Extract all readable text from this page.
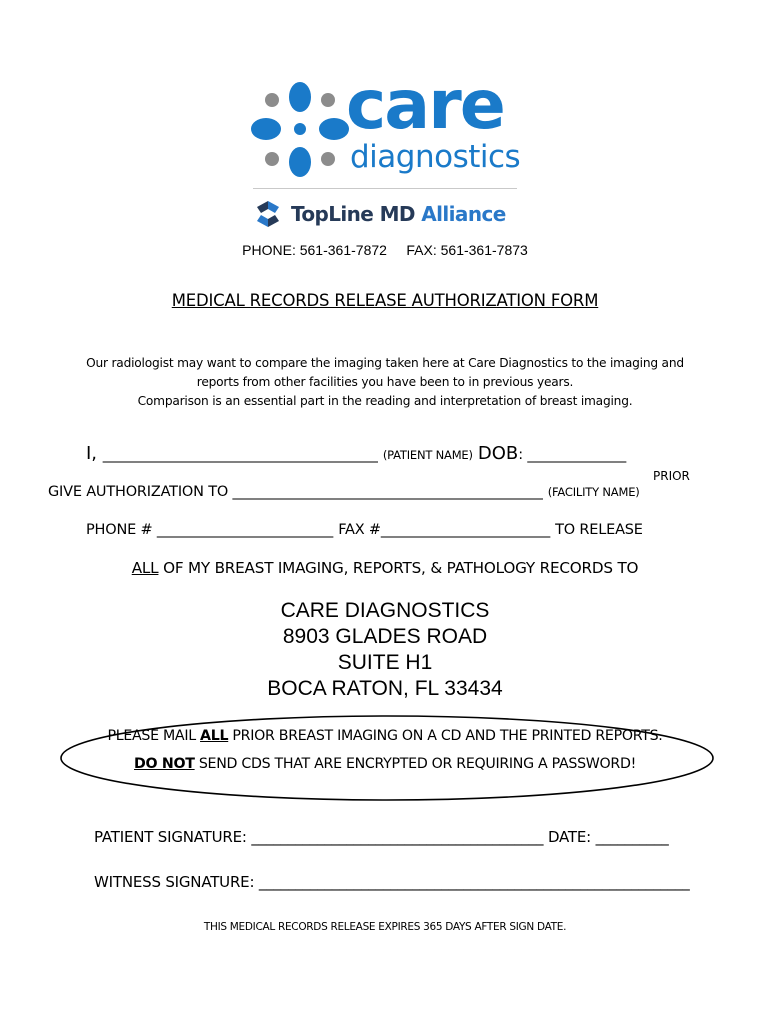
care
diagnostics
TopLine MD Alliance
PHONE: 561-361-7872 FAX: 561-361-7873
MEDICAL RECORDS RELEASE AUTHORIZATION FORM
Our radiologist may want to compare the imaging taken here at Care Diagnostics to the imaging and
reports from other facilities you have been to in previous years.
Comparison is an essential part in the reading and interpretation of breast imaging.
I, _______________________________________ (PATIENT NAME) DOB: ______________
PRIOR
GIVE AUTHORIZATION TO ____________________________________________ (FACILITY NAME)
PHONE # _________________________ FAX #________________________ TO RELEASE
ALL OF MY BREAST IMAGING, REPORTS, & PATHOLOGY RECORDS TO
CARE DIAGNOSTICS
8903 GLADES ROAD
SUITE H1
BOCA RATON, FL 33434
PLEASE MAIL ALL PRIOR BREAST IMAGING ON A CD AND THE PRINTED REPORTS.
DO NOT SEND CDS THAT ARE ENCRYPTED OR REQUIRING A PASSWORD!
PATIENT SIGNATURE: ________________________________________ DATE: __________
WITNESS SIGNATURE: ___________________________________________________________
THIS MEDICAL RECORDS RELEASE EXPIRES 365 DAYS AFTER SIGN DATE.
